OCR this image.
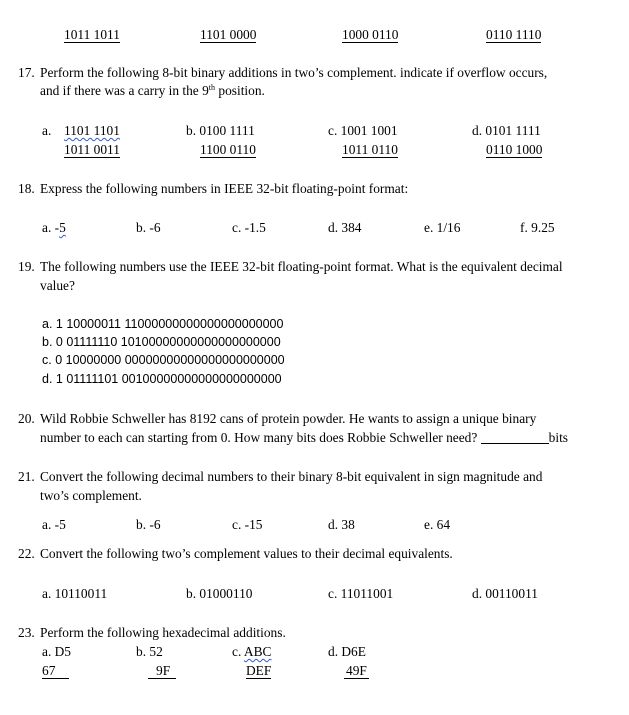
1011 1011	1101 0000	1000 0110	0110 1110
17. Perform the following 8-bit binary additions in two’s complement. indicate if overflow occurs,
and if there was a carry in the 9th position.
a. 1101 1101
1011 0011
b. 0100 1111
1100 0110
c. 1001 1001
1011 0110
d. 0101 1111
0110 1000
18. Express the following numbers in IEEE 32-bit floating-point format:
a. -5	b. -6	c. -1.5	d. 384	e. 1/16	f. 9.25
19. The following numbers use the IEEE 32-bit floating-point format. What is the equivalent decimal
value?
a. 1 10000011 11000000000000000000000
b. 0 01111110 10100000000000000000000
c. 0 10000000 00000000000000000000000
d. 1 01111101 00100000000000000000000
20. Wild Robbie Schweller has 8192 cans of protein powder. He wants to assign a unique binary
number to each can starting from 0. How many bits does Robbie Schweller need?	bits
21. Convert the following decimal numbers to their binary 8-bit equivalent in sign magnitude and
two’s complement.
a. -5	b. -6	c. -15	d. 38	e. 64
22. Convert the following two’s complement values to their decimal equivalents.
a. 10110011	b. 01000110	c. 11011001	d. 00110011
23. Perform the following hexadecimal additions.
a. D5
67
b. 52
9F
c. ABC
DEF
d. D6E
49F
